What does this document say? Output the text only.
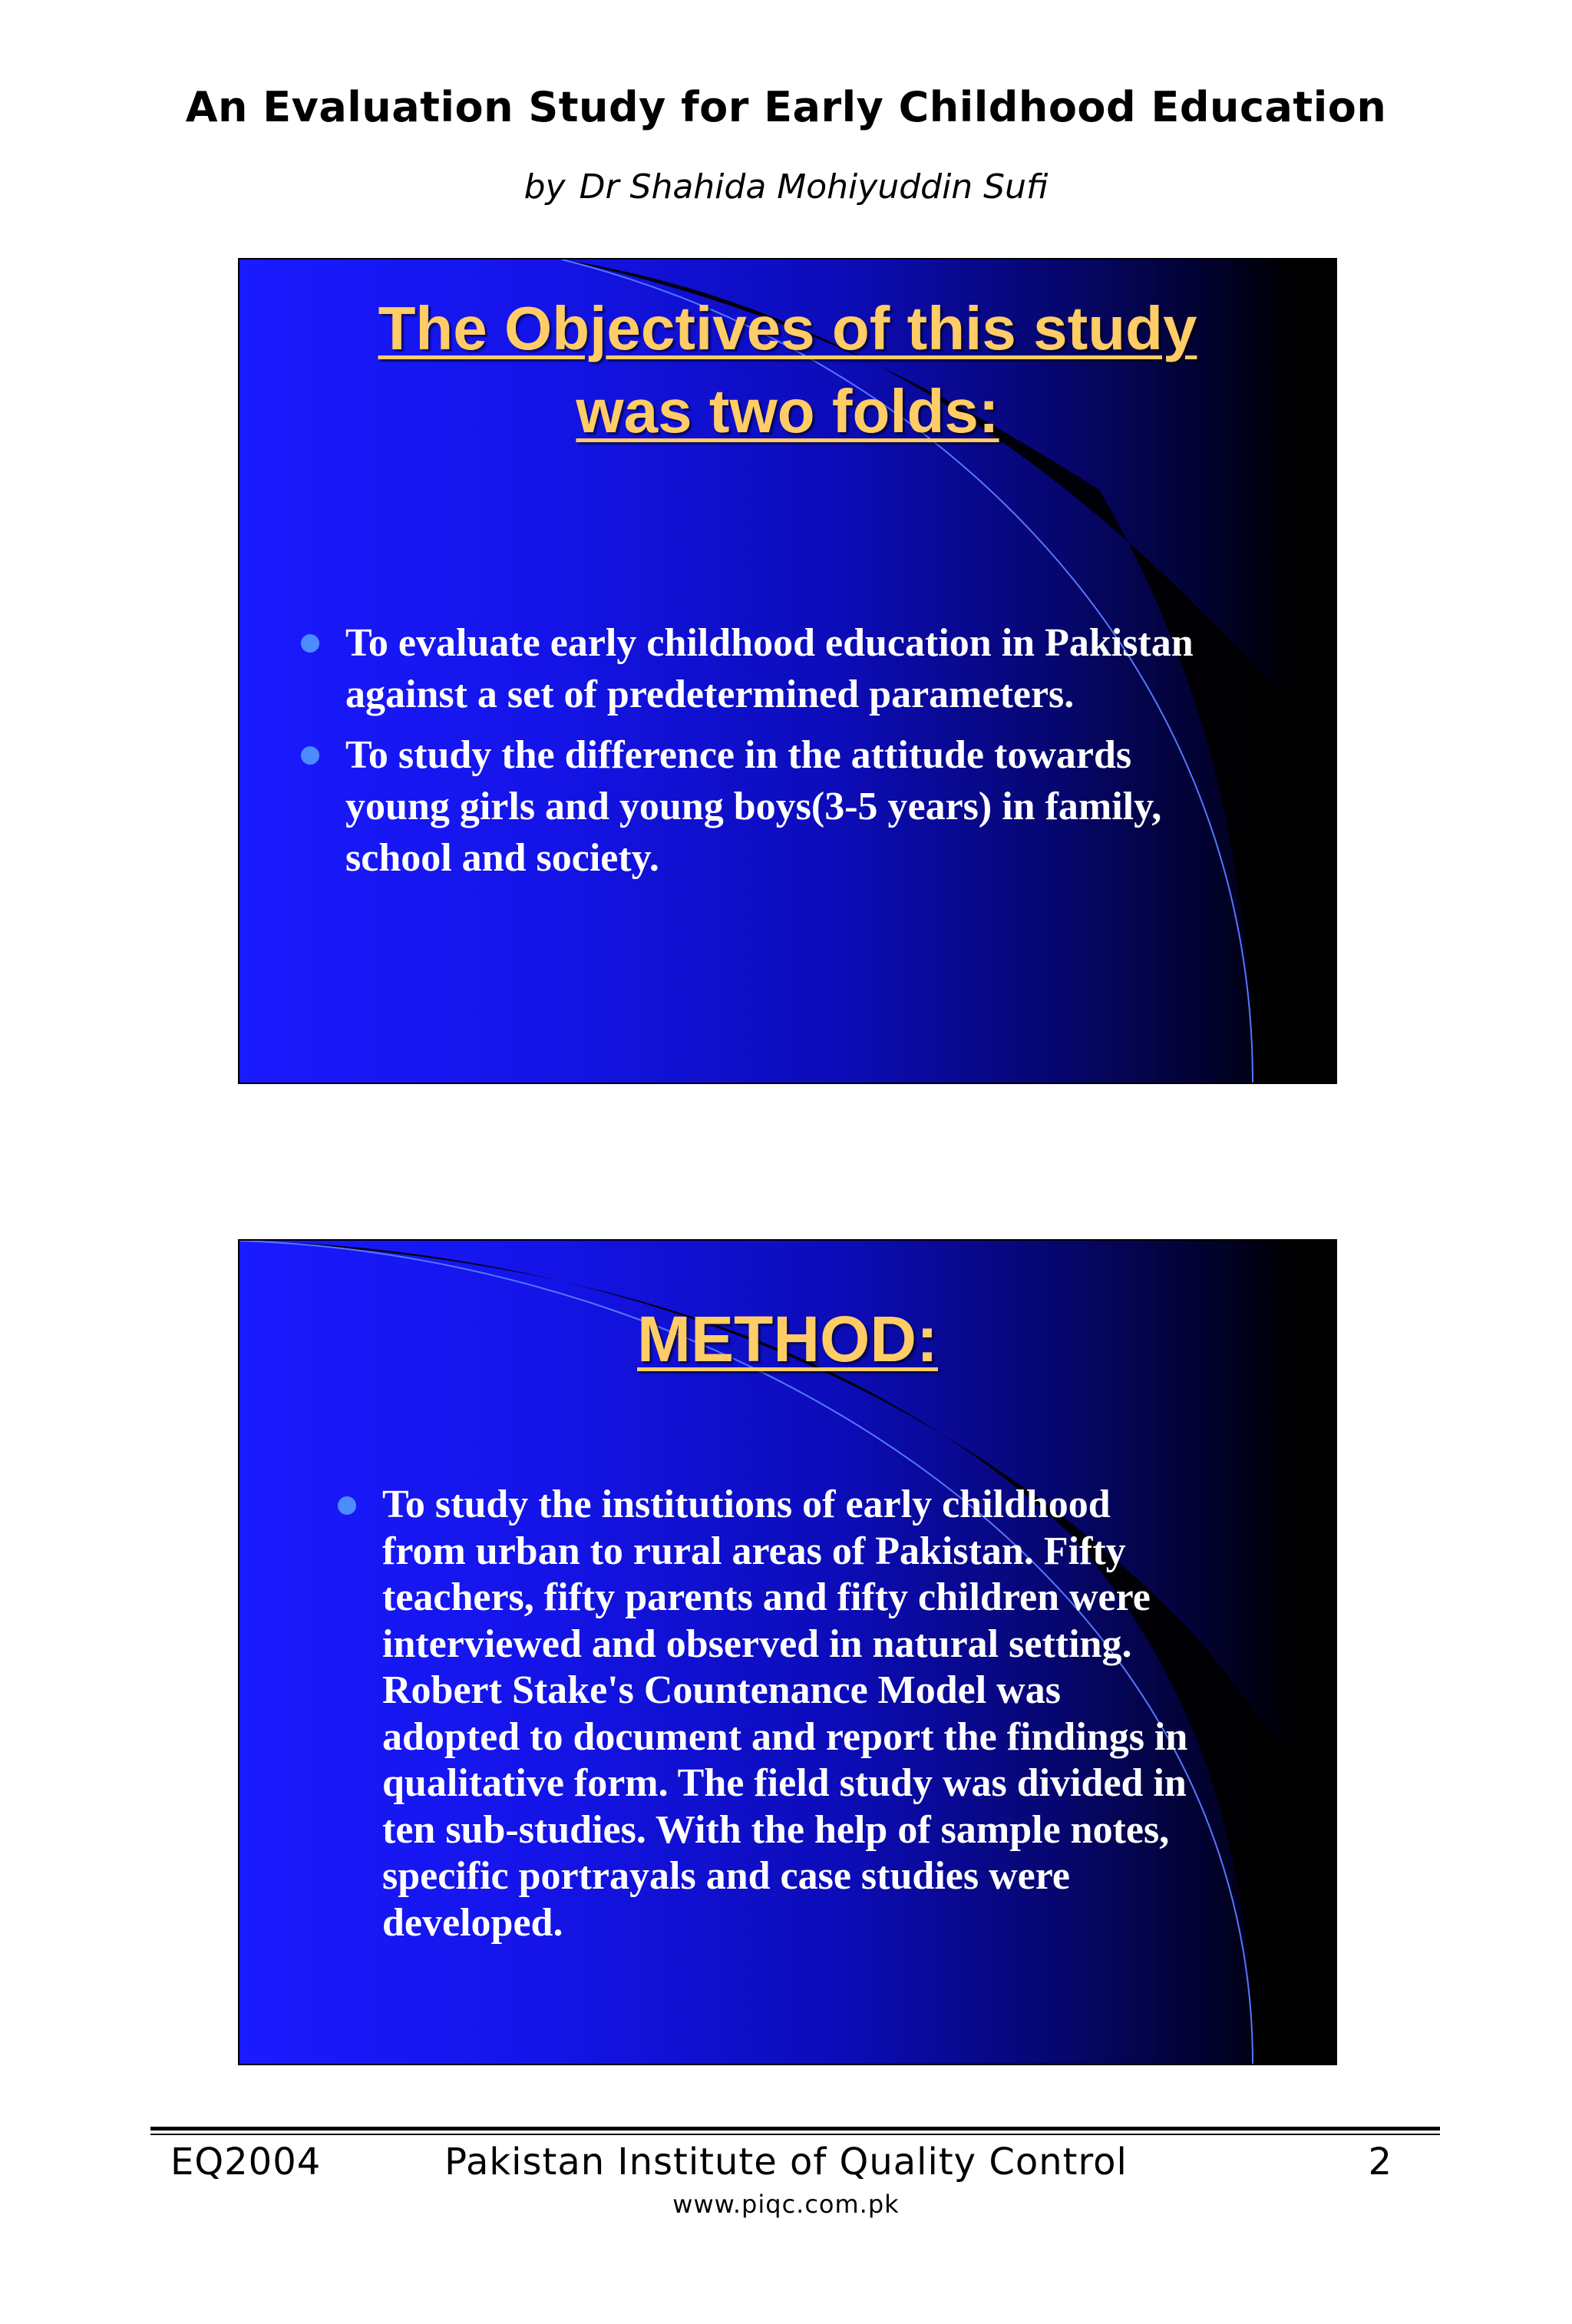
An Evaluation Study for Early Childhood Education
by Dr Shahida Mohiyuddin Sufi
The Objectives of this study
was two folds:
To evaluate early childhood education in Pakistan
against a set of predetermined parameters.
To study the difference in the attitude towards
young girls and young boys(3-5 years) in family,
school and society.
METHOD:
To study the institutions of early childhood
from urban to rural areas of Pakistan. Fifty
teachers, fifty parents and fifty children were
interviewed and observed in natural setting.
Robert Stake's Countenance Model was
adopted to document and report the findings in
qualitative form. The field study was divided in
ten sub-studies. With the help of sample notes,
specific portrayals and case studies were
developed.
EQ2004	Pakistan Institute of Quality Control	2
www.piqc.com.pk
